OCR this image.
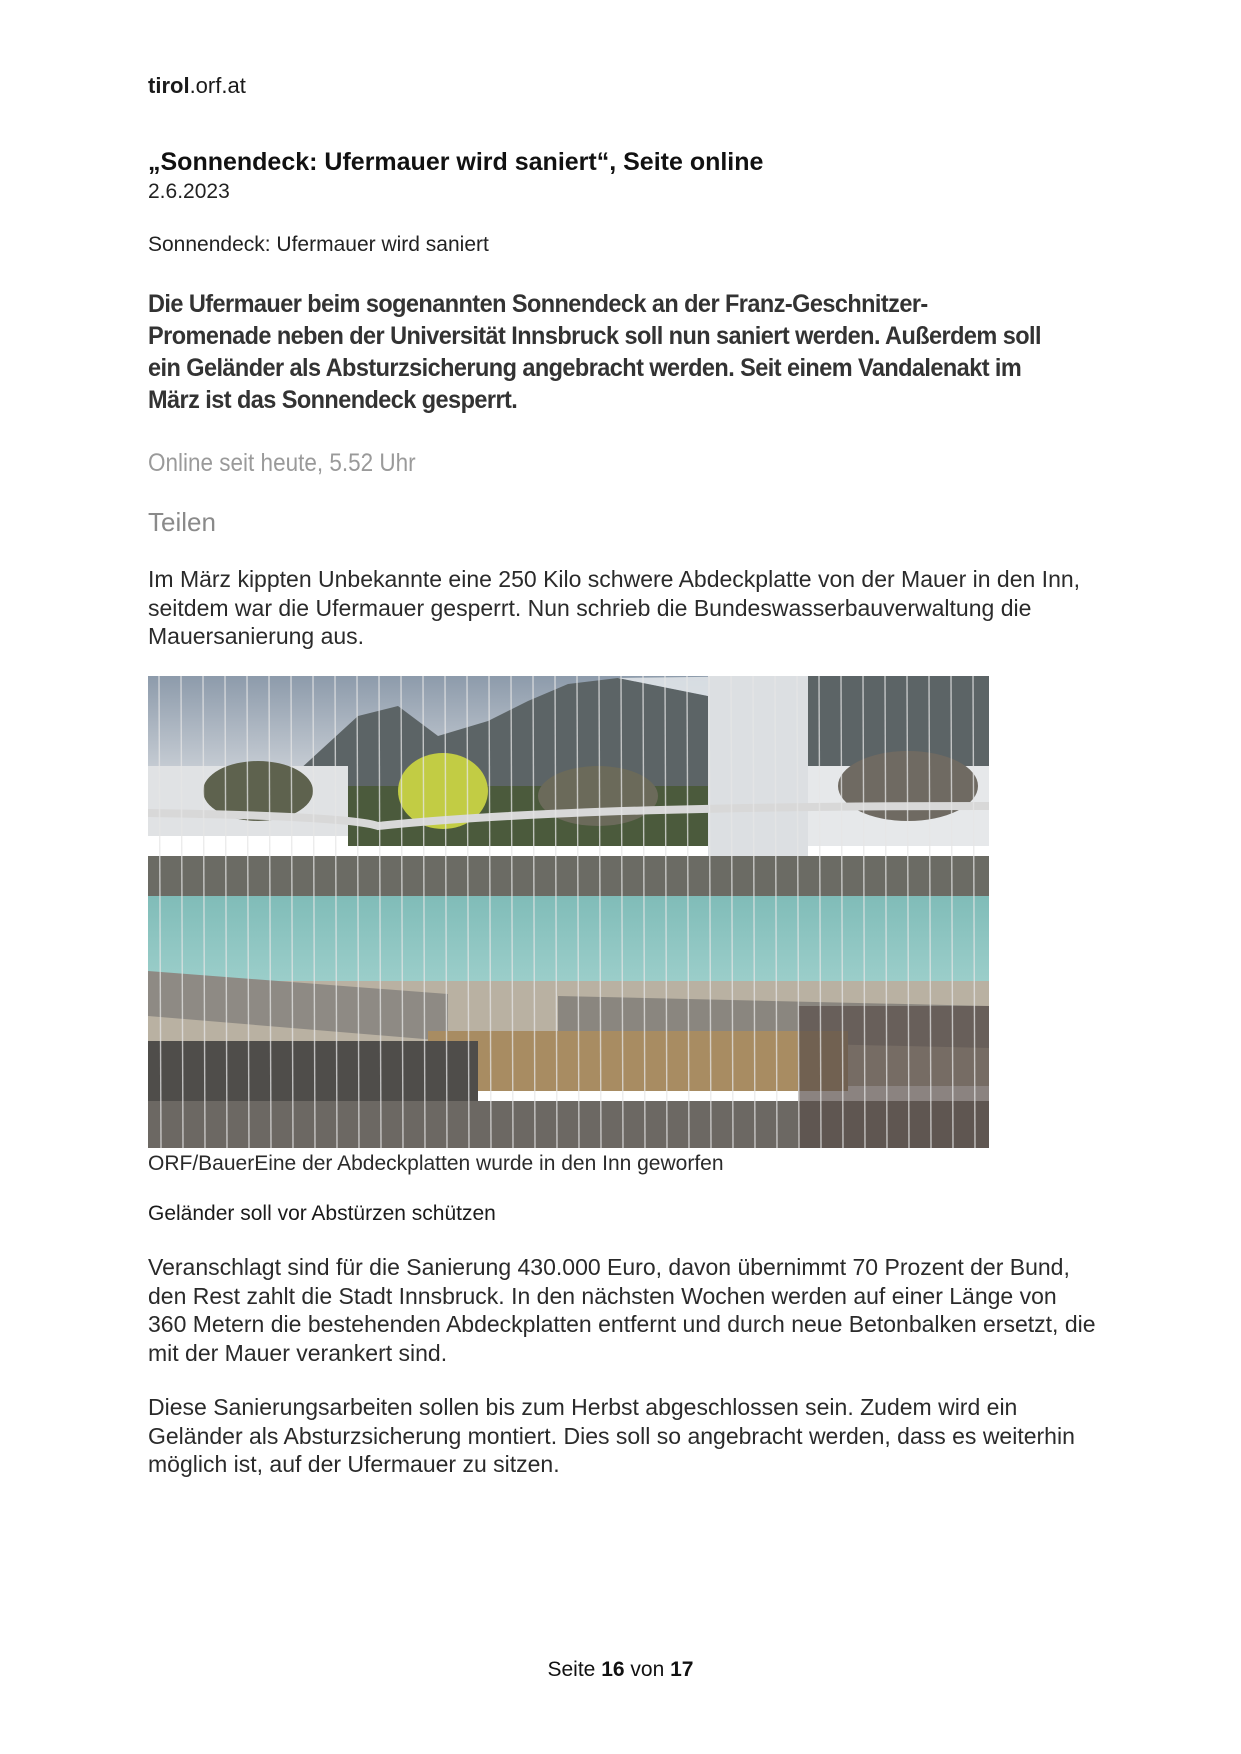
tirol.orf.at
„Sonnendeck: Ufermauer wird saniert“, Seite online
2.6.2023
Sonnendeck: Ufermauer wird saniert
Die Ufermauer beim sogenannten Sonnendeck an der Franz-Geschnitzer-Promenade neben der Universität Innsbruck soll nun saniert werden. Außerdem soll ein Geländer als Absturzsicherung angebracht werden. Seit einem Vandalenakt im März ist das Sonnendeck gesperrt.
Online seit heute, 5.52 Uhr
Teilen
Im März kippten Unbekannte eine 250 Kilo schwere Abdeckplatte von der Mauer in den Inn, seitdem war die Ufermauer gesperrt. Nun schrieb die Bundeswasserbauverwaltung die Mauersanierung aus.
ORF/BauerEine der Abdeckplatten wurde in den Inn geworfen
Geländer soll vor Abstürzen schützen
Veranschlagt sind für die Sanierung 430.000 Euro, davon übernimmt 70 Prozent der Bund, den Rest zahlt die Stadt Innsbruck. In den nächsten Wochen werden auf einer Länge von 360 Metern die bestehenden Abdeckplatten entfernt und durch neue Betonbalken ersetzt, die mit der Mauer verankert sind.
Diese Sanierungsarbeiten sollen bis zum Herbst abgeschlossen sein. Zudem wird ein Geländer als Absturzsicherung montiert. Dies soll so angebracht werden, dass es weiterhin möglich ist, auf der Ufermauer zu sitzen.
Seite 16 von 17
